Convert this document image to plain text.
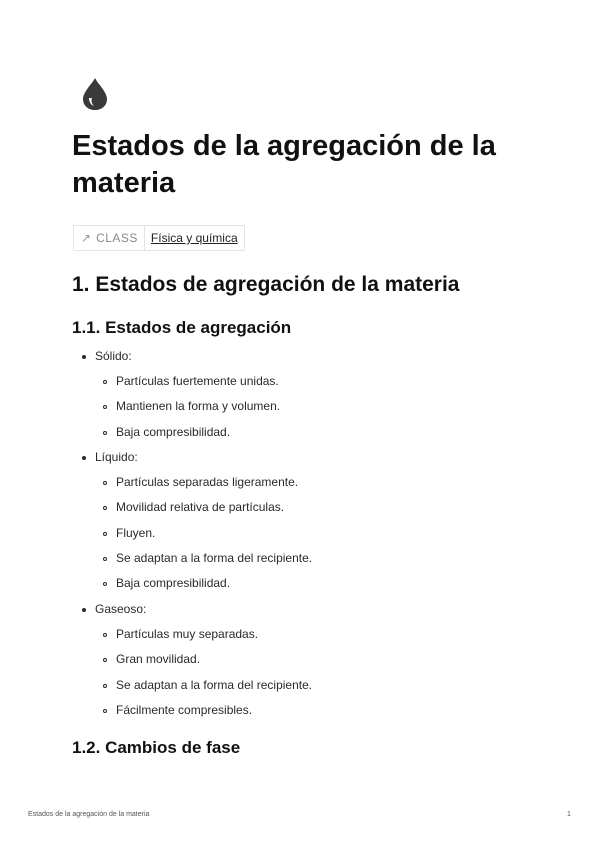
Estados de la agregación de la materia
↗ CLASS	Física y química
1. Estados de agregación de la materia
1.1. Estados de agregación
Sólido:
Partículas fuertemente unidas.
Mantienen la forma y volumen.
Baja compresibilidad.
Líquido:
Partículas separadas ligeramente.
Movilidad relativa de partículas.
Fluyen.
Se adaptan a la forma del recipiente.
Baja compresibilidad.
Gaseoso:
Partículas muy separadas.
Gran movilidad.
Se adaptan a la forma del recipiente.
Fácilmente compresibles.
1.2. Cambios de fase
Estados de la agregación de la materia	1
